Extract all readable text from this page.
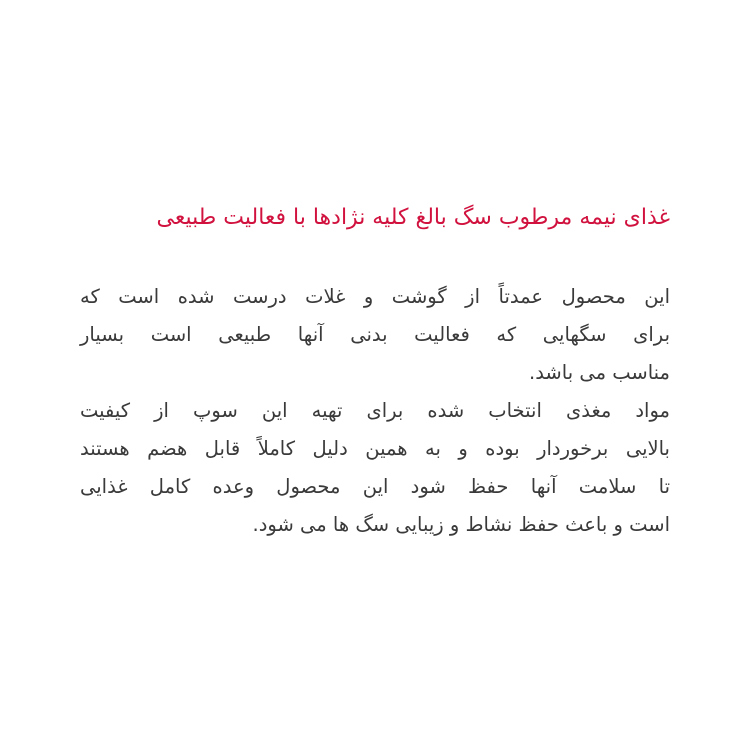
غذای نیمه مرطوب سگ بالغ کلیه نژادها با فعالیت طبیعی
این محصول عمدتاً از گوشت و غلات درست شده است که
برای سگهایی که فعالیت بدنی آنها طبیعی است بسیار
مناسب می باشد.
مواد مغذی انتخاب شده برای تهیه این سوپ از کیفیت
بالایی برخوردار بوده و به همین دلیل کاملاً قابل هضم هستند
تا سلامت آنها حفظ شود این محصول وعده کامل غذایی
است و باعث حفظ نشاط و زیبایی سگ ها می شود.
